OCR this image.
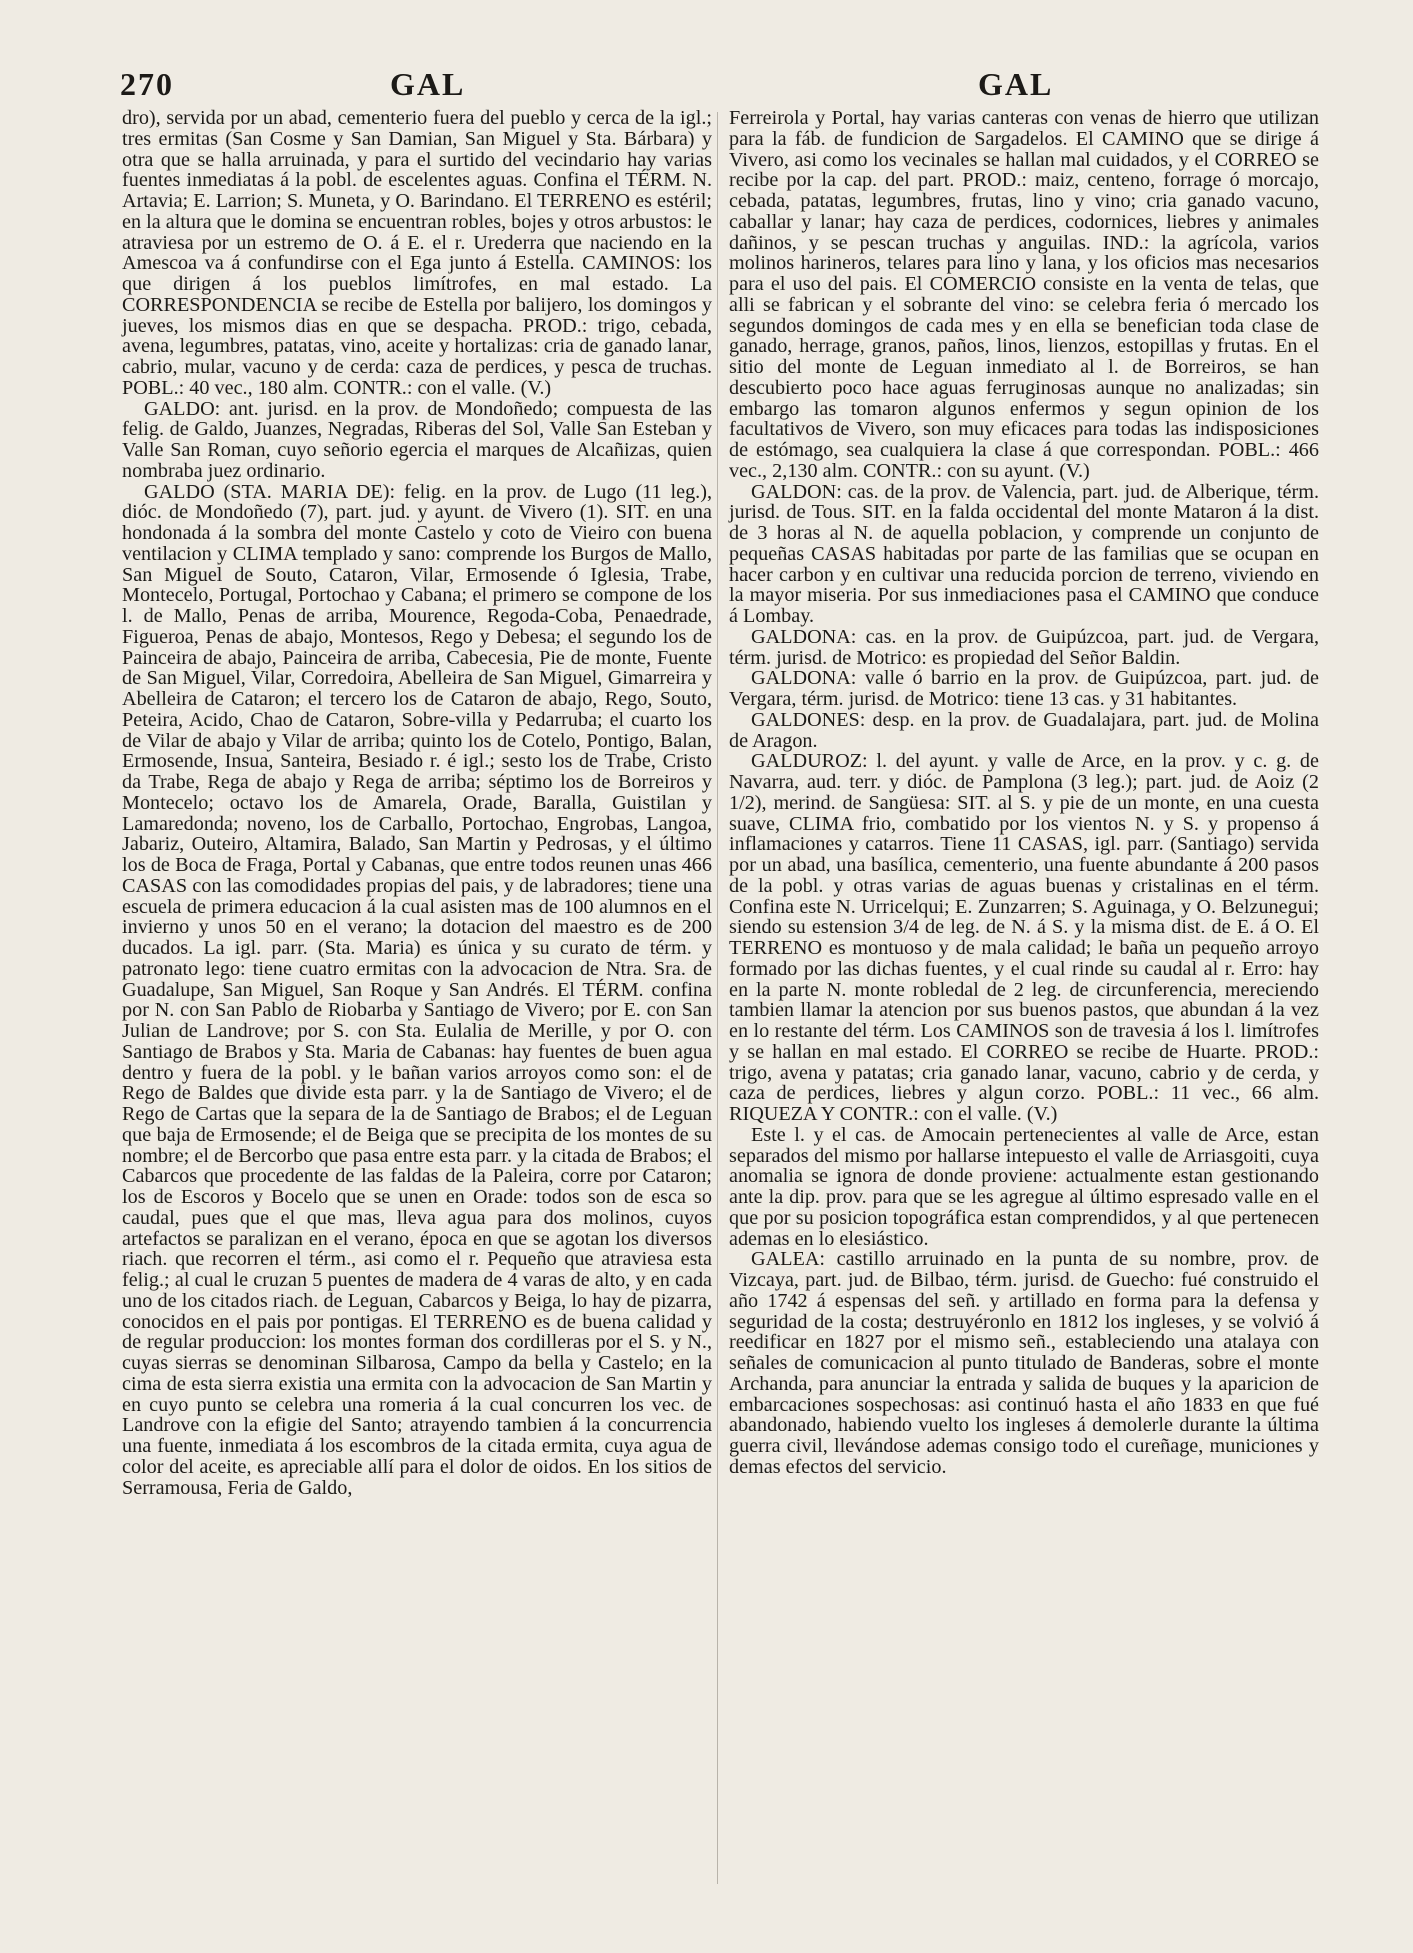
270	GAL	GAL

dro), servida por un abad, cementerio fuera del pueblo y cerca de la igl.; tres ermitas (San Cosme y San Damian, San Miguel y Sta. Bárbara) y otra que se halla arruinada, y para el surtido del vecindario hay varias fuentes inmediatas á la pobl. de escelentes aguas. Confina el TÉRM. N. Artavia; E. Larrion; S. Muneta, y O. Barindano. El TERRENO es estéril; en la altura que le domina se encuentran robles, bojes y otros arbustos: le atraviesa por un estremo de O. á E. el r. Urederra que naciendo en la Amescoa va á confundirse con el Ega junto á Estella. CAMINOS: los que dirigen á los pueblos limítrofes, en mal estado. La CORRESPONDENCIA se recibe de Estella por balijero, los domingos y jueves, los mismos dias en que se despacha. PROD.: trigo, cebada, avena, legumbres, patatas, vino, aceite y hortalizas: cria de ganado lanar, cabrio, mular, vacuno y de cerda: caza de perdices, y pesca de truchas. POBL.: 40 vec., 180 alm. CONTR.: con el valle. (V.)

GALDO: ant. jurisd. en la prov. de Mondoñedo; compuesta de las felig. de Galdo, Juanzes, Negradas, Riberas del Sol, Valle San Esteban y Valle San Roman, cuyo señorio egercia el marques de Alcañizas, quien nombraba juez ordinario.

GALDO (STA. MARIA DE): felig. en la prov. de Lugo (11 leg.), dióc. de Mondoñedo (7), part. jud. y ayunt. de Vivero (1). SIT. en una hondonada á la sombra del monte Castelo y coto de Vieiro con buena ventilacion y CLIMA templado y sano: comprende los Burgos de Mallo, San Miguel de Souto, Cataron, Vilar, Ermosende ó Iglesia, Trabe, Montecelo, Portugal, Portochao y Cabana; el primero se compone de los l. de Mallo, Penas de arriba, Mourence, Regoda-Coba, Penaedrade, Figueroa, Penas de abajo, Montesos, Rego y Debesa; el segundo los de Painceira de abajo, Painceira de arriba, Cabecesia, Pie de monte, Fuente de San Miguel, Vilar, Corredoira, Abelleira de San Miguel, Gimarreira y Abelleira de Cataron; el tercero los de Cataron de abajo, Rego, Souto, Peteira, Acido, Chao de Cataron, Sobre-villa y Pedarruba; el cuarto los de Vilar de abajo y Vilar de arriba; quinto los de Cotelo, Pontigo, Balan, Ermosende, Insua, Santeira, Besiado r. é igl.; sesto los de Trabe, Cristo da Trabe, Rega de abajo y Rega de arriba; séptimo los de Borreiros y Montecelo; octavo los de Amarela, Orade, Baralla, Guistilan y Lamaredonda; noveno, los de Carballo, Portochao, Engrobas, Langoa, Jabariz, Outeiro, Altamira, Balado, San Martin y Pedrosas, y el último los de Boca de Fraga, Portal y Cabanas, que entre todos reunen unas 466 CASAS con las comodidades propias del pais, y de labradores; tiene una escuela de primera educacion á la cual asisten mas de 100 alumnos en el invierno y unos 50 en el verano; la dotacion del maestro es de 200 ducados. La igl. parr. (Sta. Maria) es única y su curato de térm. y patronato lego: tiene cuatro ermitas con la advocacion de Ntra. Sra. de Guadalupe, San Miguel, San Roque y San Andrés. El TÉRM. confina por N. con San Pablo de Riobarba y Santiago de Vivero; por E. con San Julian de Landrove; por S. con Sta. Eulalia de Merille, y por O. con Santiago de Brabos y Sta. Maria de Cabanas: hay fuentes de buen agua dentro y fuera de la pobl. y le bañan varios arroyos como son: el de Rego de Baldes que divide esta parr. y la de Santiago de Vivero; el de Rego de Cartas que la separa de la de Santiago de Brabos; el de Leguan que baja de Ermosende; el de Beiga que se precipita de los montes de su nombre; el de Bercorbo que pasa entre esta parr. y la citada de Brabos; el Cabarcos que procedente de las faldas de la Paleira, corre por Cataron; los de Escoros y Bocelo que se unen en Orade: todos son de esca so caudal, pues que el que mas, lleva agua para dos molinos, cuyos artefactos se paralizan en el verano, época en que se agotan los diversos riach. que recorren el térm., asi como el r. Pequeño que atraviesa esta felig.; al cual le cruzan 5 puentes de madera de 4 varas de alto, y en cada uno de los citados riach. de Leguan, Cabarcos y Beiga, lo hay de pizarra, conocidos en el pais por pontigas. El TERRENO es de buena calidad y de regular produccion: los montes forman dos cordilleras por el S. y N., cuyas sierras se denominan Silbarosa, Campo da bella y Castelo; en la cima de esta sierra existia una ermita con la advocacion de San Martin y en cuyo punto se celebra una romeria á la cual concurren los vec. de Landrove con la efigie del Santo; atrayendo tambien á la concurrencia una fuente, inmediata á los escombros de la citada ermita, cuya agua de color del aceite, es apreciable allí para el dolor de oidos. En los sitios de Serramousa, Feria de Galdo,

Ferreirola y Portal, hay varias canteras con venas de hierro que utilizan para la fáb. de fundicion de Sargadelos. El CAMINO que se dirige á Vivero, asi como los vecinales se hallan mal cuidados, y el CORREO se recibe por la cap. del part. PROD.: maiz, centeno, forrage ó morcajo, cebada, patatas, legumbres, frutas, lino y vino; cria ganado vacuno, caballar y lanar; hay caza de perdices, codornices, liebres y animales dañinos, y se pescan truchas y anguilas. IND.: la agrícola, varios molinos harineros, telares para lino y lana, y los oficios mas necesarios para el uso del pais. El COMERCIO consiste en la venta de telas, que alli se fabrican y el sobrante del vino: se celebra feria ó mercado los segundos domingos de cada mes y en ella se benefician toda clase de ganado, herrage, granos, paños, linos, lienzos, estopillas y frutas. En el sitio del monte de Leguan inmediato al l. de Borreiros, se han descubierto poco hace aguas ferruginosas aunque no analizadas; sin embargo las tomaron algunos enfermos y segun opinion de los facultativos de Vivero, son muy eficaces para todas las indisposiciones de estómago, sea cualquiera la clase á que correspondan. POBL.: 466 vec., 2,130 alm. CONTR.: con su ayunt. (V.)

GALDON: cas. de la prov. de Valencia, part. jud. de Alberique, térm. jurisd. de Tous. SIT. en la falda occidental del monte Mataron á la dist. de 3 horas al N. de aquella poblacion, y comprende un conjunto de pequeñas CASAS habitadas por parte de las familias que se ocupan en hacer carbon y en cultivar una reducida porcion de terreno, viviendo en la mayor miseria. Por sus inmediaciones pasa el CAMINO que conduce á Lombay.

GALDONA: cas. en la prov. de Guipúzcoa, part. jud. de Vergara, térm. jurisd. de Motrico: es propiedad del Señor Baldin.

GALDONA: valle ó barrio en la prov. de Guipúzcoa, part. jud. de Vergara, térm. jurisd. de Motrico: tiene 13 cas. y 31 habitantes.

GALDONES: desp. en la prov. de Guadalajara, part. jud. de Molina de Aragon.

GALDUROZ: l. del ayunt. y valle de Arce, en la prov. y c. g. de Navarra, aud. terr. y dióc. de Pamplona (3 leg.); part. jud. de Aoiz (2 1/2), merind. de Sangüesa: SIT. al S. y pie de un monte, en una cuesta suave, CLIMA frio, combatido por los vientos N. y S. y propenso á inflamaciones y catarros. Tiene 11 CASAS, igl. parr. (Santiago) servida por un abad, una basílica, cementerio, una fuente abundante á 200 pasos de la pobl. y otras varias de aguas buenas y cristalinas en el térm. Confina este N. Urricelqui; E. Zunzarren; S. Aguinaga, y O. Belzunegui; siendo su estension 3/4 de leg. de N. á S. y la misma dist. de E. á O. El TERRENO es montuoso y de mala calidad; le baña un pequeño arroyo formado por las dichas fuentes, y el cual rinde su caudal al r. Erro: hay en la parte N. monte robledal de 2 leg. de circunferencia, mereciendo tambien llamar la atencion por sus buenos pastos, que abundan á la vez en lo restante del térm. Los CAMINOS son de travesia á los l. limítrofes y se hallan en mal estado. El CORREO se recibe de Huarte. PROD.: trigo, avena y patatas; cria ganado lanar, vacuno, cabrio y de cerda, y caza de perdices, liebres y algun corzo. POBL.: 11 vec., 66 alm. RIQUEZA Y CONTR.: con el valle. (V.)

Este l. y el cas. de Amocain pertenecientes al valle de Arce, estan separados del mismo por hallarse intepuesto el valle de Arriasgoiti, cuya anomalia se ignora de donde proviene: actualmente estan gestionando ante la dip. prov. para que se les agregue al último espresado valle en el que por su posicion topográfica estan comprendidos, y al que pertenecen ademas en lo elesiástico.

GALEA: castillo arruinado en la punta de su nombre, prov. de Vizcaya, part. jud. de Bilbao, térm. jurisd. de Guecho: fué construido el año 1742 á espensas del señ. y artillado en forma para la defensa y seguridad de la costa; destruyéronlo en 1812 los ingleses, y se volvió á reedificar en 1827 por el mismo señ., estableciendo una atalaya con señales de comunicacion al punto titulado de Banderas, sobre el monte Archanda, para anunciar la entrada y salida de buques y la aparicion de embarcaciones sospechosas: asi continuó hasta el año 1833 en que fué abandonado, habiendo vuelto los ingleses á demolerle durante la última guerra civil, llevándose ademas consigo todo el cureñage, municiones y demas efectos del servicio.
